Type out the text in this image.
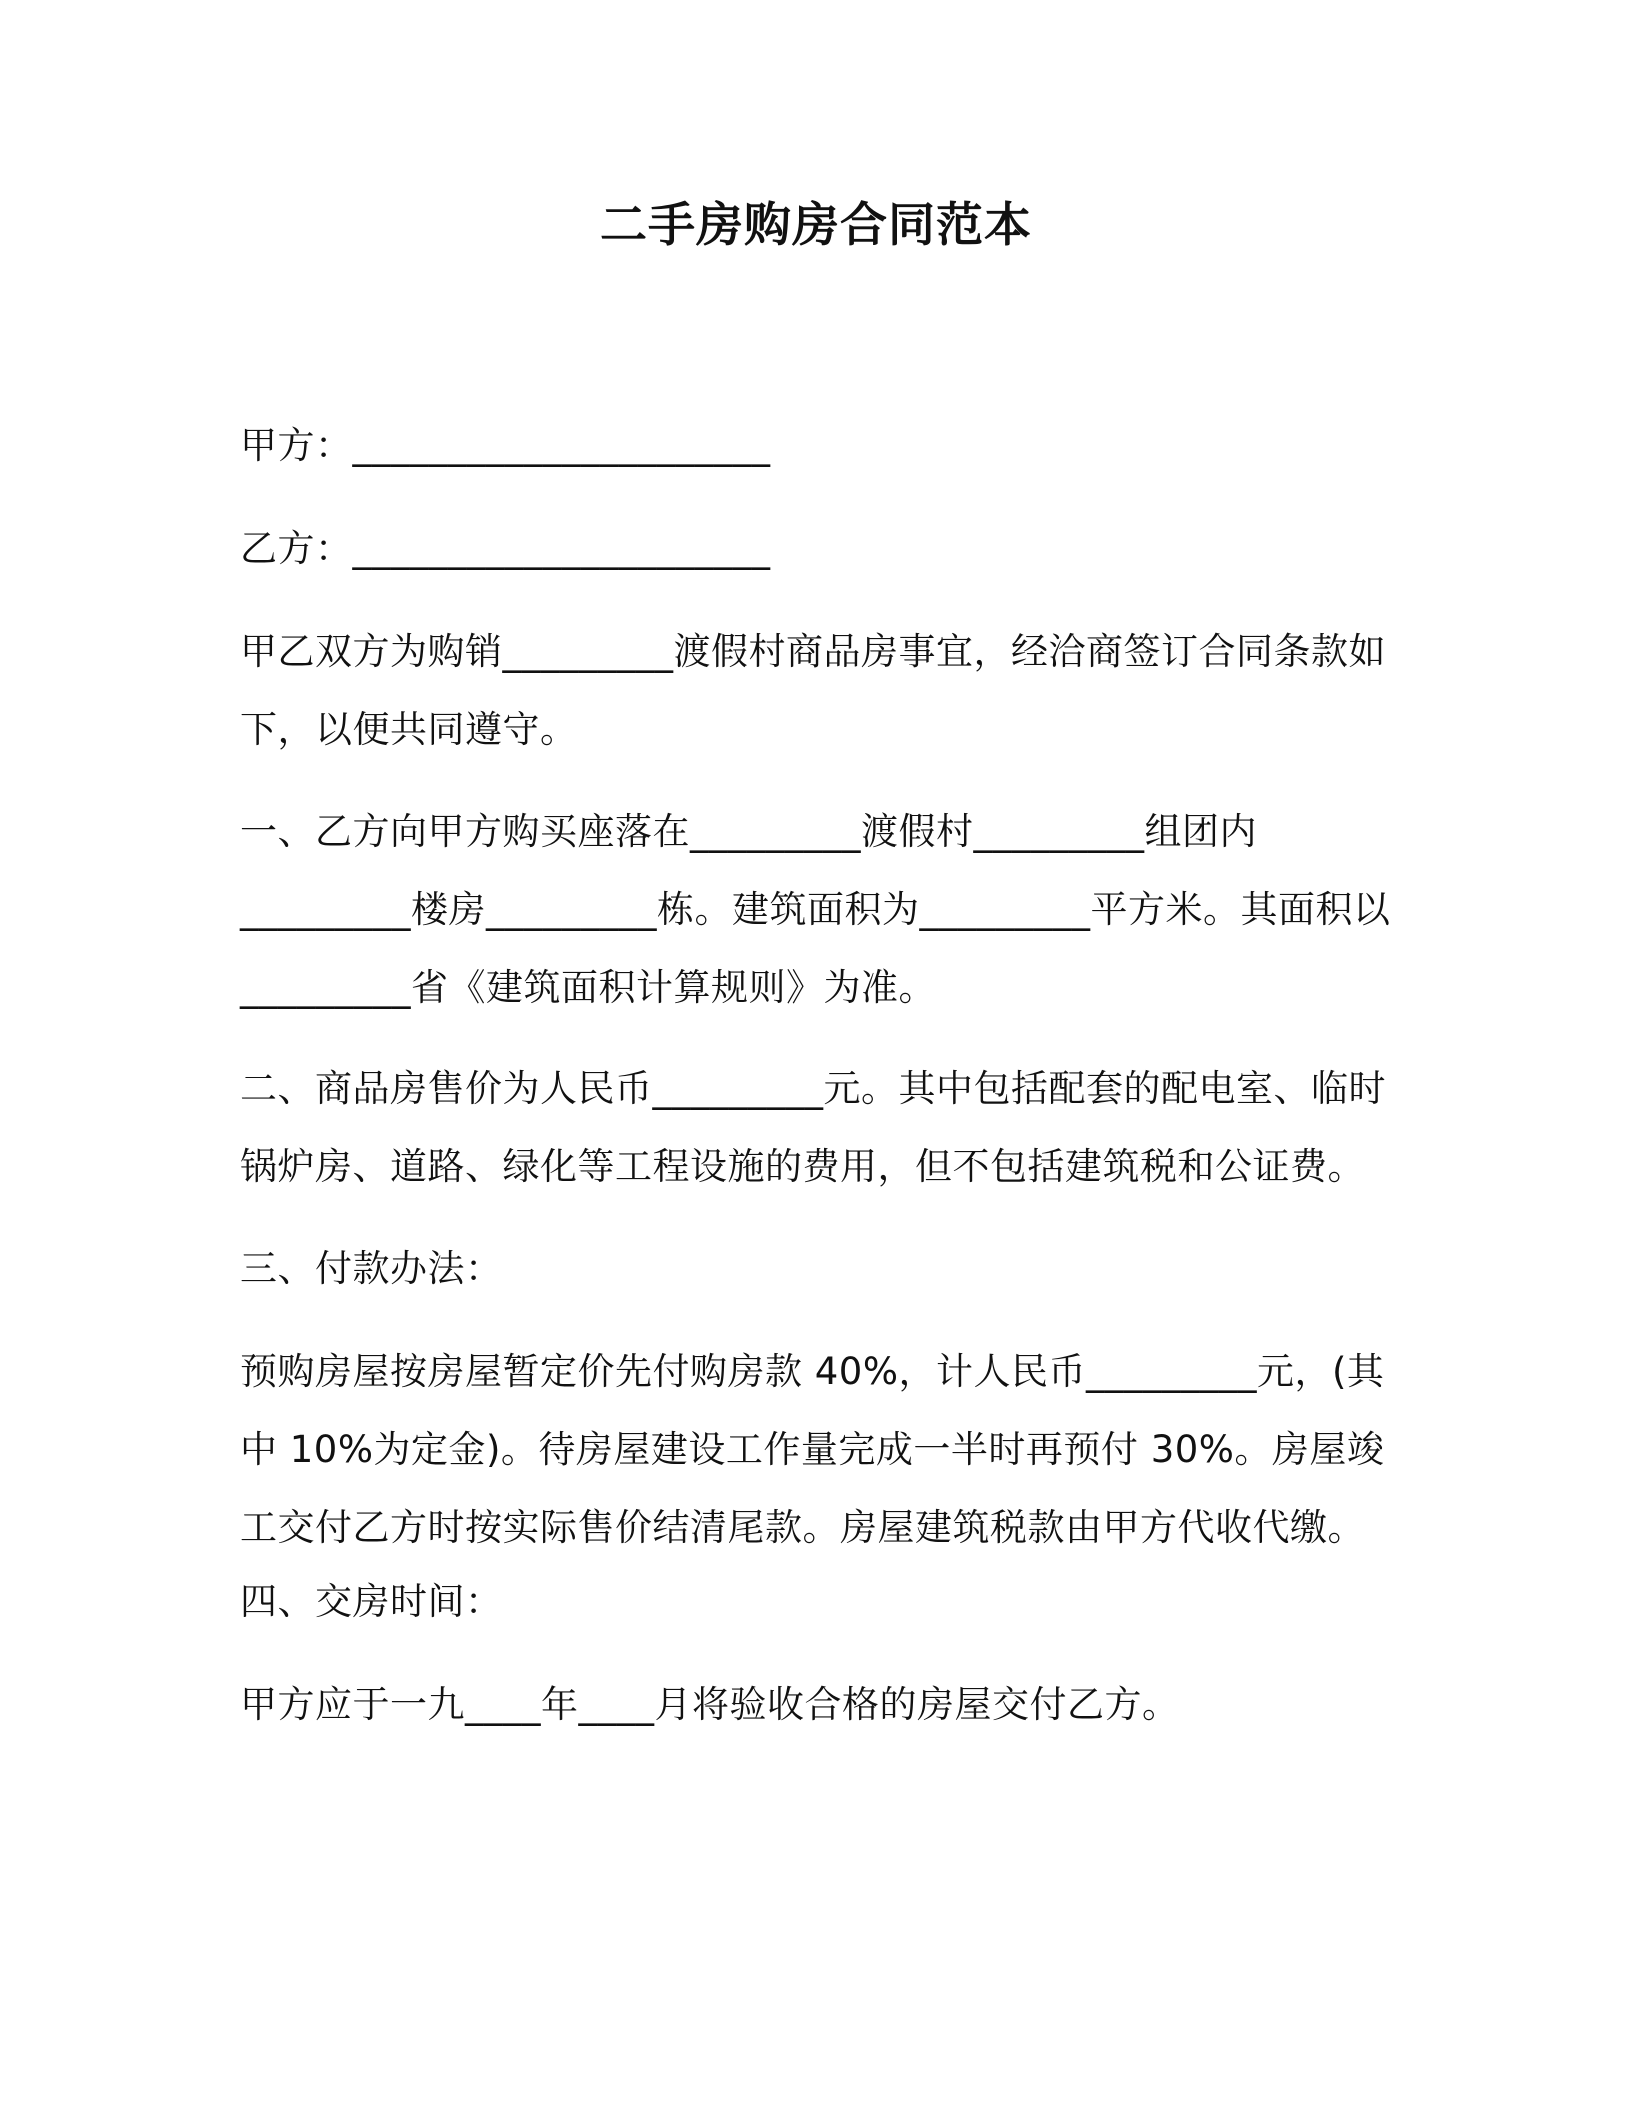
二手房购房合同范本

甲方：______________________

乙方：______________________

甲乙双方为购销_________渡假村商品房事宜，经洽商签订合同条款如
下，以便共同遵守。

一、乙方向甲方购买座落在_________渡假村_________组团内
_________楼房_________栋。建筑面积为_________平方米。其面积以
_________省《建筑面积计算规则》为准。

二、商品房售价为人民币_________元。其中包括配套的配电室、临时
锅炉房、道路、绿化等工程设施的费用，但不包括建筑税和公证费。

三、付款办法：

预购房屋按房屋暂定价先付购房款 40%，计人民币_________元，(其
中 10%为定金)。待房屋建设工作量完成一半时再预付 30%。房屋竣
工交付乙方时按实际售价结清尾款。房屋建筑税款由甲方代收代缴。

四、交房时间：

甲方应于一九____年____月将验收合格的房屋交付乙方。
